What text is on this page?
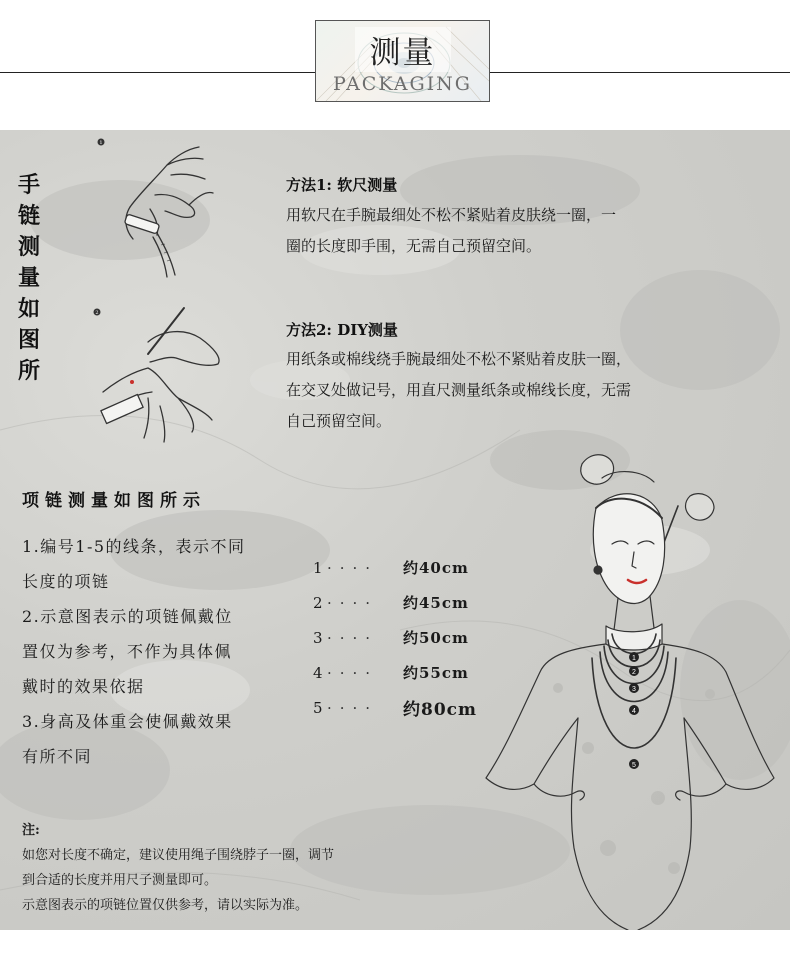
测量
PACKAGING
手
链
测
量
如
图
所
1
2
方法1: 软尺测量
用软尺在手腕最细处不松不紧贴着皮肤绕一圈，一
圈的长度即手围，无需自己预留空间。
方法2: DIY测量
用纸条或棉线绕手腕最细处不松不紧贴着皮肤一圈，
在交叉处做记号，用直尺测量纸条或棉线长度，无需
自己预留空间。
项链测量如图所示
1.编号1-5的线条，表示不同
长度的项链
2.示意图表示的项链佩戴位
置仅为参考，不作为具体佩
戴时的效果依据
3.身高及体重会使佩戴效果
有所不同
1 ····	约40cm
2 ····	约45cm
3 ····	约50cm
4 ····	约55cm
5 ····	约80cm
1
2
3
4
5
注:
如您对长度不确定，建议使用绳子围绕脖子一圈，调节
到合适的长度并用尺子测量即可。
示意图表示的项链位置仅供参考，请以实际为准。
